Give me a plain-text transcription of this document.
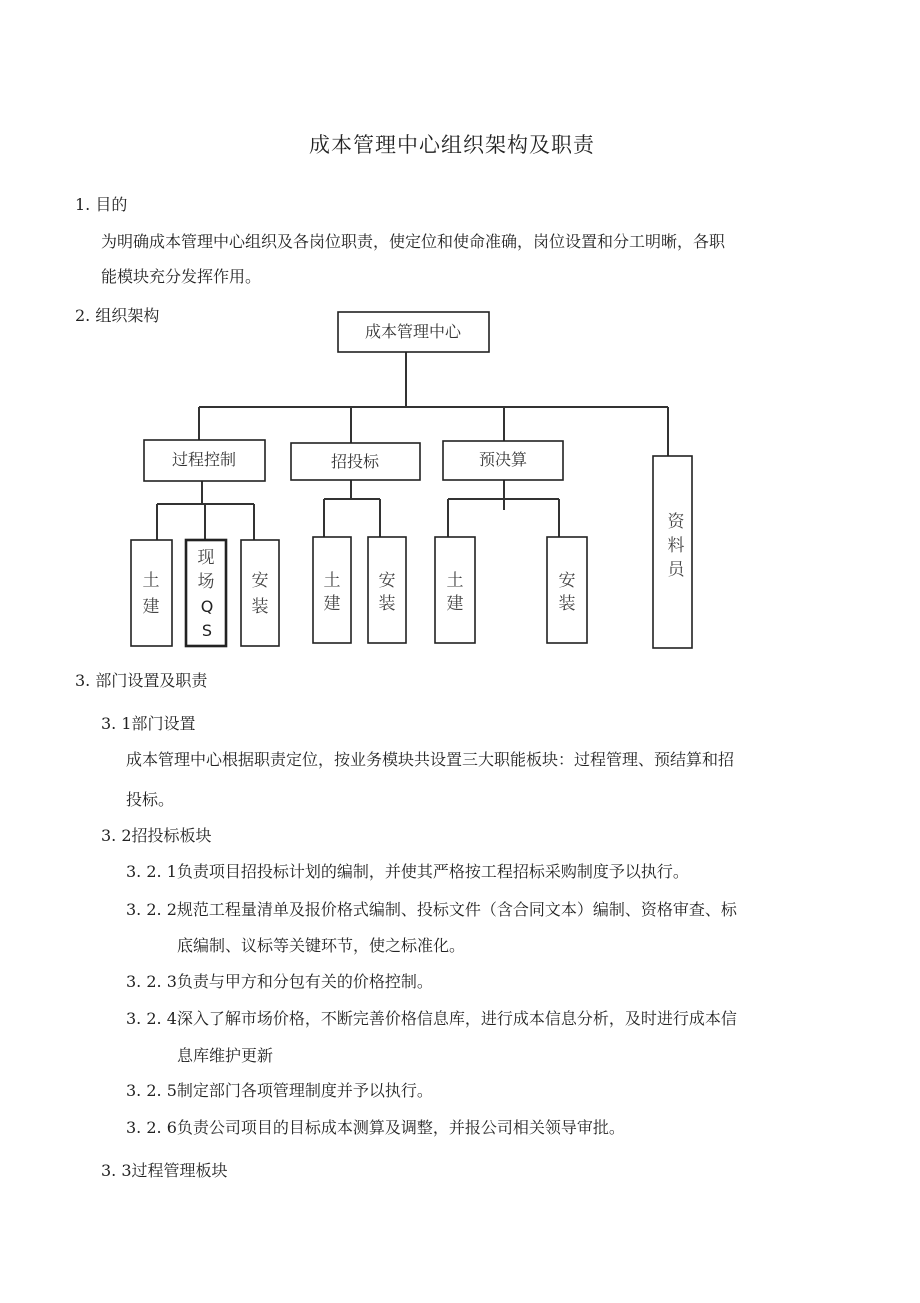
成本管理中心组织架构及职责
1. 目的
为明确成本管理中心组织及各岗位职责，使定位和使命准确，岗位设置和分工明晰，各职
能模块充分发挥作用。
2. 组织架构
成本管理中心
过程控制	招投标	预决算
资
料
员
土
建
现
场
Q
S
安
装
土
建
安
装
土
建
安
装
3. 部门设置及职责
3. 1部门设置
成本管理中心根据职责定位，按业务模块共设置三大职能板块：过程管理、预结算和招
投标。
3. 2招投标板块
3. 2. 1负责项目招投标计划的编制，并使其严格按工程招标采购制度予以执行。
3. 2. 2规范工程量清单及报价格式编制、投标文件（含合同文本）编制、资格审查、标
底编制、议标等关键环节，使之标准化。
3. 2. 3负责与甲方和分包有关的价格控制。
3. 2. 4深入了解市场价格，不断完善价格信息库，进行成本信息分析，及时进行成本信
息库维护更新
3. 2. 5制定部门各项管理制度并予以执行。
3. 2. 6负责公司项目的目标成本测算及调整，并报公司相关领导审批。
3. 3过程管理板块
